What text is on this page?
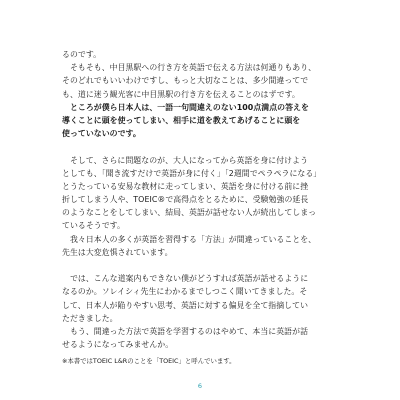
るのです。
　そもそも、中目黒駅への行き方を英語で伝える方法は何通りもあり、
そのどれでもいいわけですし、もっと大切なことは、多少間違ってで
も、道に迷う観光客に中目黒駅の行き方を伝えることのはずです。
　ところが僕ら日本人は、一語一句間違えのない100点満点の答えを
導くことに頭を使ってしまい、相手に道を教えてあげることに頭を
使っていないのです。
　そして、さらに問題なのが、大人になってから英語を身に付けよう
としても、「聞き流すだけで英語が身に付く」「2週間でペラペラになる」
とうたっている安易な教材に走ってしまい、英語を身に付ける前に挫
折してしまう人や、TOEIC®で高得点をとるために、受験勉強の延長
のようなことをしてしまい、結局、英語が話せない人が続出してしまっ
ているそうです。
　我々日本人の多くが英語を習得する「方法」が間違っていることを、
先生は大変危惧されています。
　では、こんな道案内もできない僕がどうすれば英語が話せるように
なるのか。ソレイシィ先生にわかるまでしつこく聞いてきました。そ
して、日本人が陥りやすい思考、英語に対する偏見を全て指摘してい
ただきました。
　もう、間違った方法で英語を学習するのはやめて、本当に英語が話
せるようになってみませんか。
※本書ではTOEIC L&Rのことを「TOEIC」と呼んでいます。
6
